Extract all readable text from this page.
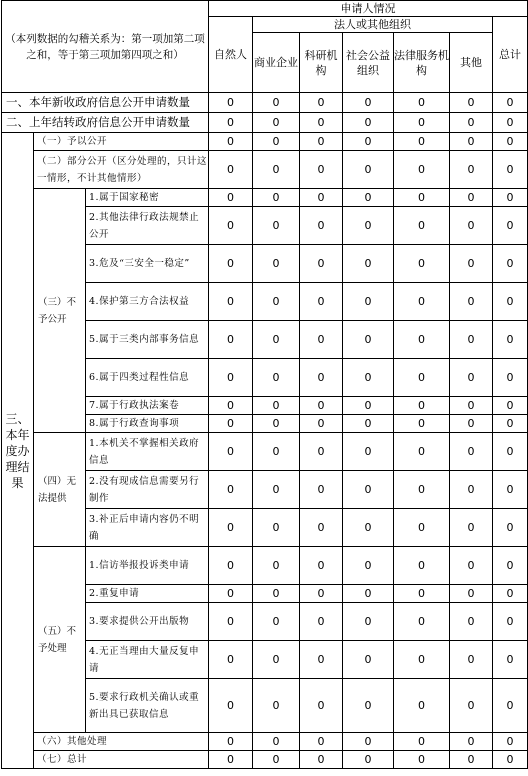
（本列数据的勾稽关系为：第一项加第二项之和，等于第三项加第四项之和）			申请人情况						
			自然人	法人或其他组织					总计
				商业企业	科研机构	社会公益组织	法律服务机构	其他	
一、本年新收政府信息公开申请数量			0	0	0	0	0	0	0
二、上年结转政府信息公开申请数量			0	0	0	0	0	0	0
三、本年度办理结果	（一）予以公开		0	0	0	0	0	0	0
	（二）部分公开（区分处理的，只计这一情形，不计其他情形）		0	0	0	0	0	0	0
	（三）不予公开	1.属于国家秘密	0	0	0	0	0	0	0
		2.其他法律行政法规禁止公开	0	0	0	0	0	0	0
		3.危及“三安全一稳定”	0	0	0	0	0	0	0
		4.保护第三方合法权益	0	0	0	0	0	0	0
		5.属于三类内部事务信息	0	0	0	0	0	0	0
		6.属于四类过程性信息	0	0	0	0	0	0	0
		7.属于行政执法案卷	0	0	0	0	0	0	0
		8.属于行政查询事项	0	0	0	0	0	0	0
	（四）无法提供	1.本机关不掌握相关政府信息	0	0	0	0	0	0	0
		2.没有现成信息需要另行制作	0	0	0	0	0	0	0
		3.补正后申请内容仍不明确	0	0	0	0	0	0	0
	（五）不予处理	1.信访举报投诉类申请	0	0	0	0	0	0	0
		2.重复申请	0	0	0	0	0	0	0
		3.要求提供公开出版物	0	0	0	0	0	0	0
		4.无正当理由大量反复申请	0	0	0	0	0	0	0
		5.要求行政机关确认或重新出具已获取信息	0	0	0	0	0	0	0
	（六）其他处理		0	0	0	0	0	0	0
	（七）总计		0	0	0	0	0	0	0
